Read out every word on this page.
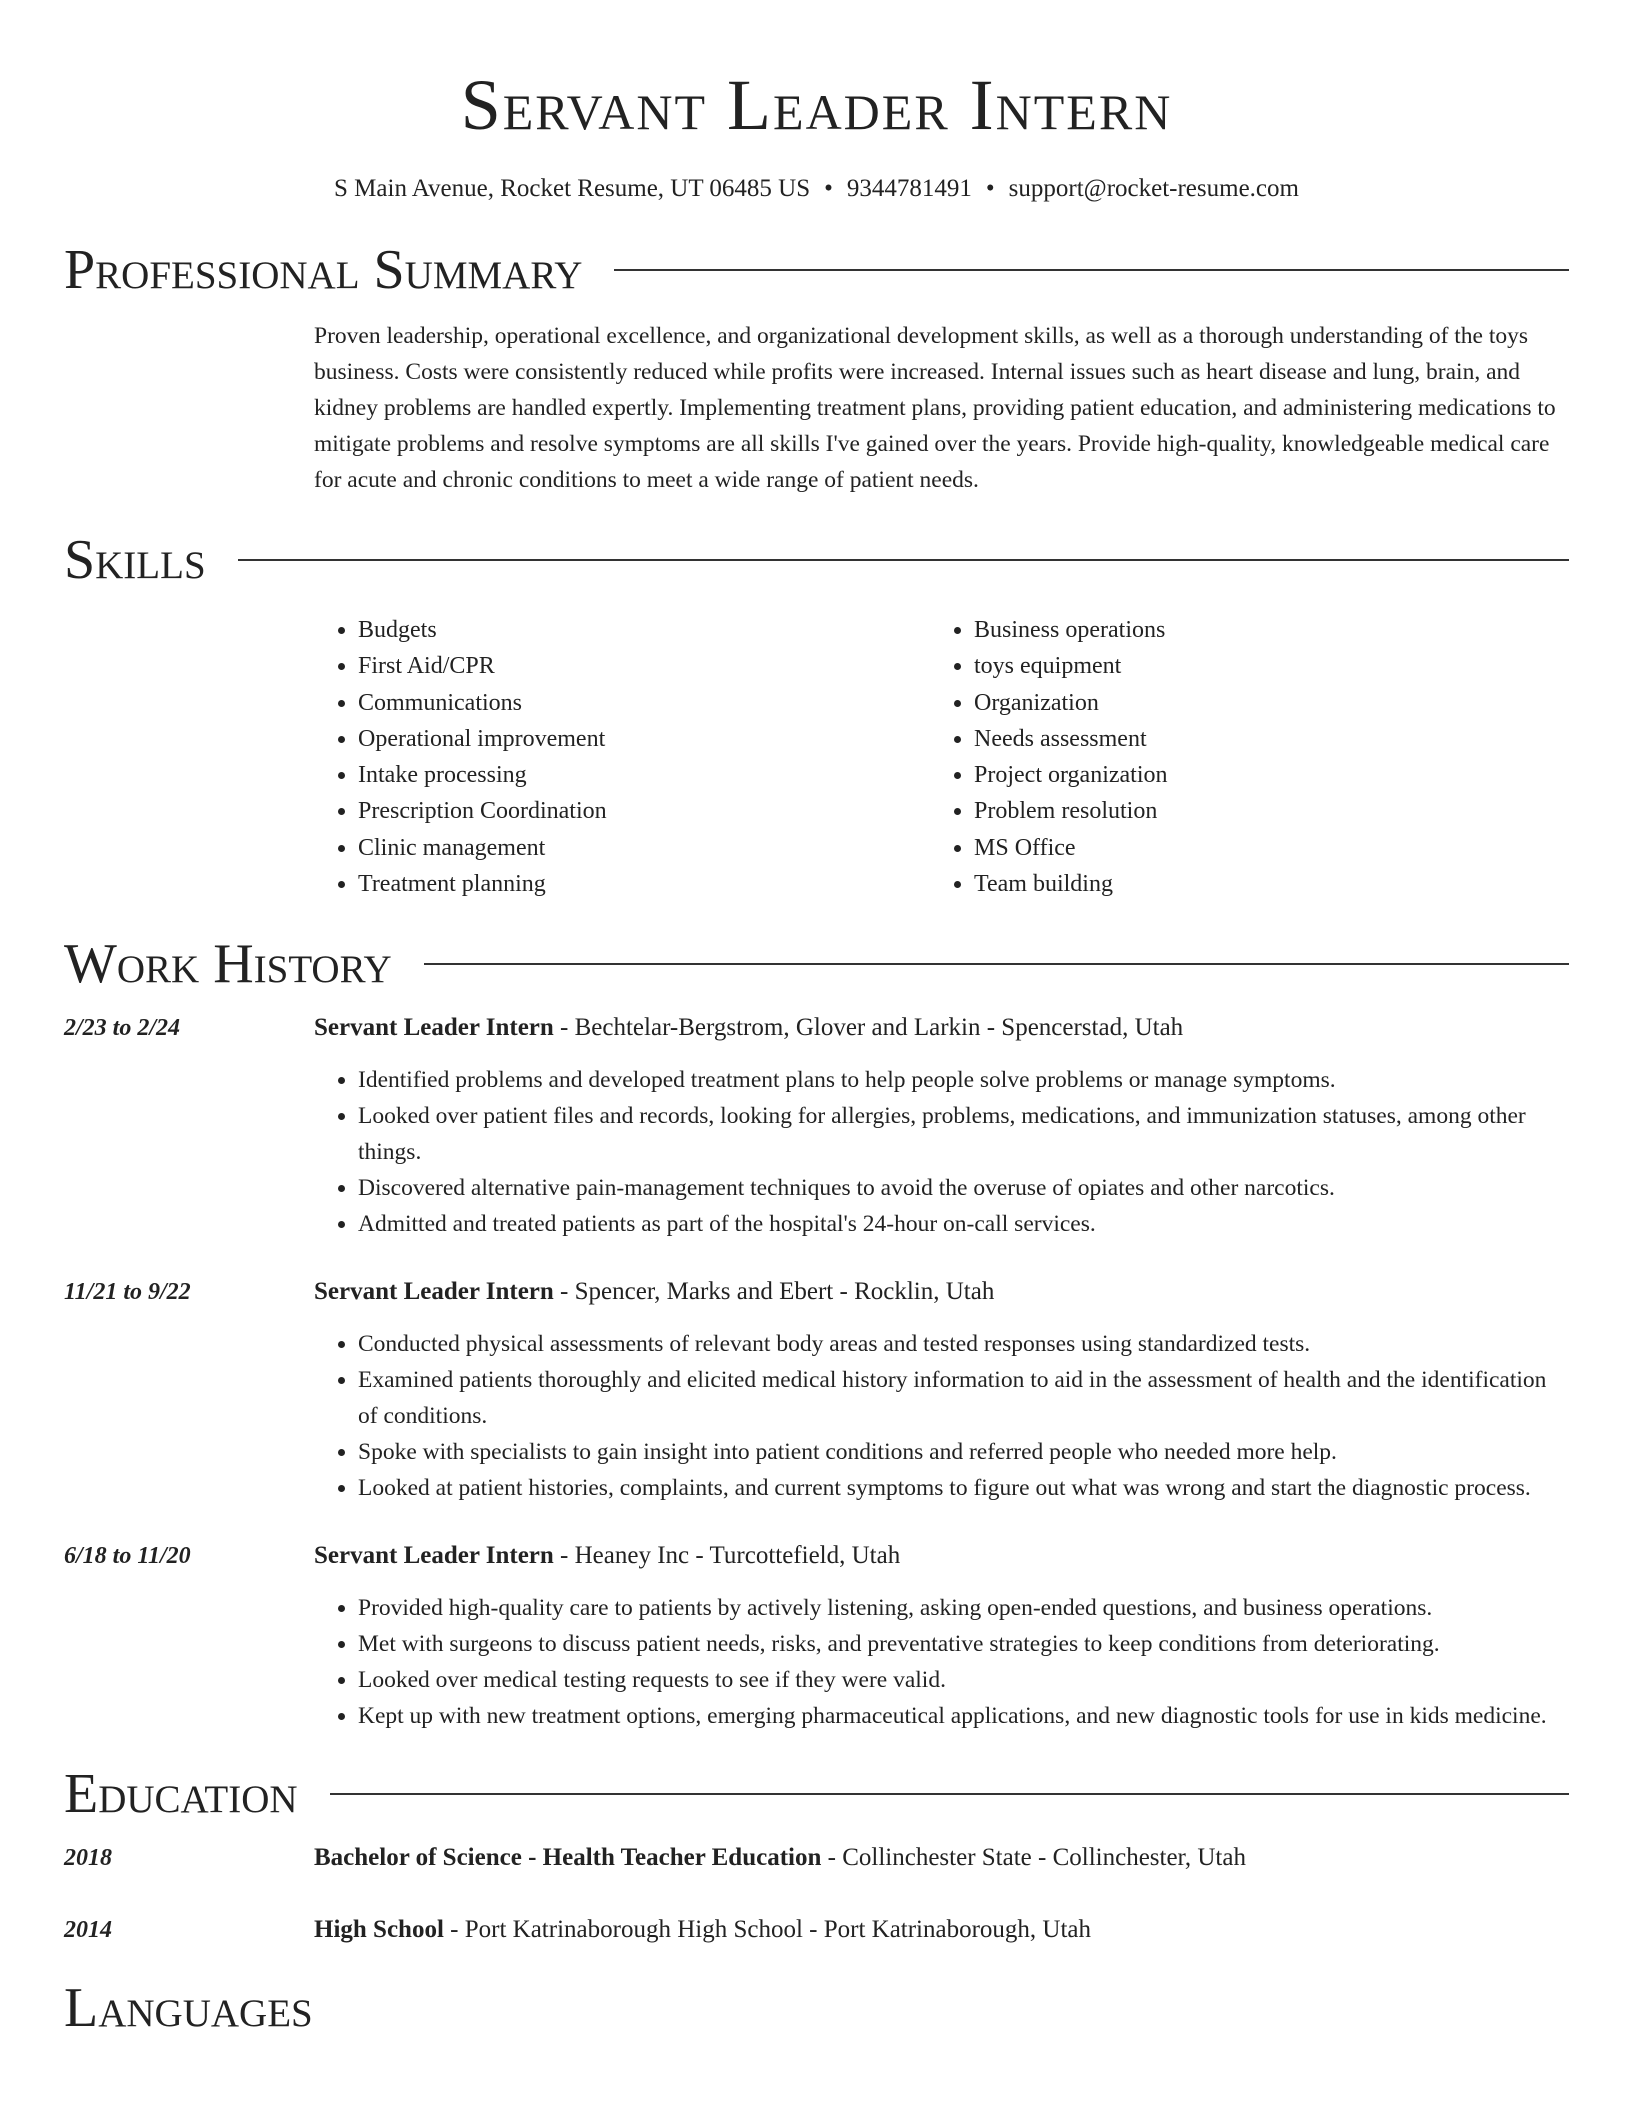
Servant Leader Intern
S Main Avenue, Rocket Resume, UT 06485 US • 9344781491 • support@rocket-resume.com
Professional Summary
Proven leadership, operational excellence, and organizational development skills, as well as a thorough understanding of the toys business. Costs were consistently reduced while profits were increased. Internal issues such as heart disease and lung, brain, and kidney problems are handled expertly. Implementing treatment plans, providing patient education, and administering medications to mitigate problems and resolve symptoms are all skills I've gained over the years. Provide high-quality, knowledgeable medical care for acute and chronic conditions to meet a wide range of patient needs.
Skills
• Budgets
• First Aid/CPR
• Communications
• Operational improvement
• Intake processing
• Prescription Coordination
• Clinic management
• Treatment planning
• Business operations
• toys equipment
• Organization
• Needs assessment
• Project organization
• Problem resolution
• MS Office
• Team building
Work History
2/23 to 2/24	Servant Leader Intern - Bechtelar-Bergstrom, Glover and Larkin - Spencerstad, Utah
• Identified problems and developed treatment plans to help people solve problems or manage symptoms.
• Looked over patient files and records, looking for allergies, problems, medications, and immunization statuses, among other things.
• Discovered alternative pain-management techniques to avoid the overuse of opiates and other narcotics.
• Admitted and treated patients as part of the hospital's 24-hour on-call services.
11/21 to 9/22	Servant Leader Intern - Spencer, Marks and Ebert - Rocklin, Utah
• Conducted physical assessments of relevant body areas and tested responses using standardized tests.
• Examined patients thoroughly and elicited medical history information to aid in the assessment of health and the identification of conditions.
• Spoke with specialists to gain insight into patient conditions and referred people who needed more help.
• Looked at patient histories, complaints, and current symptoms to figure out what was wrong and start the diagnostic process.
6/18 to 11/20	Servant Leader Intern - Heaney Inc - Turcottefield, Utah
• Provided high-quality care to patients by actively listening, asking open-ended questions, and business operations.
• Met with surgeons to discuss patient needs, risks, and preventative strategies to keep conditions from deteriorating.
• Looked over medical testing requests to see if they were valid.
• Kept up with new treatment options, emerging pharmaceutical applications, and new diagnostic tools for use in kids medicine.
Education
2018	Bachelor of Science - Health Teacher Education - Collinchester State - Collinchester, Utah
2014	High School - Port Katrinaborough High School - Port Katrinaborough, Utah
Languages
